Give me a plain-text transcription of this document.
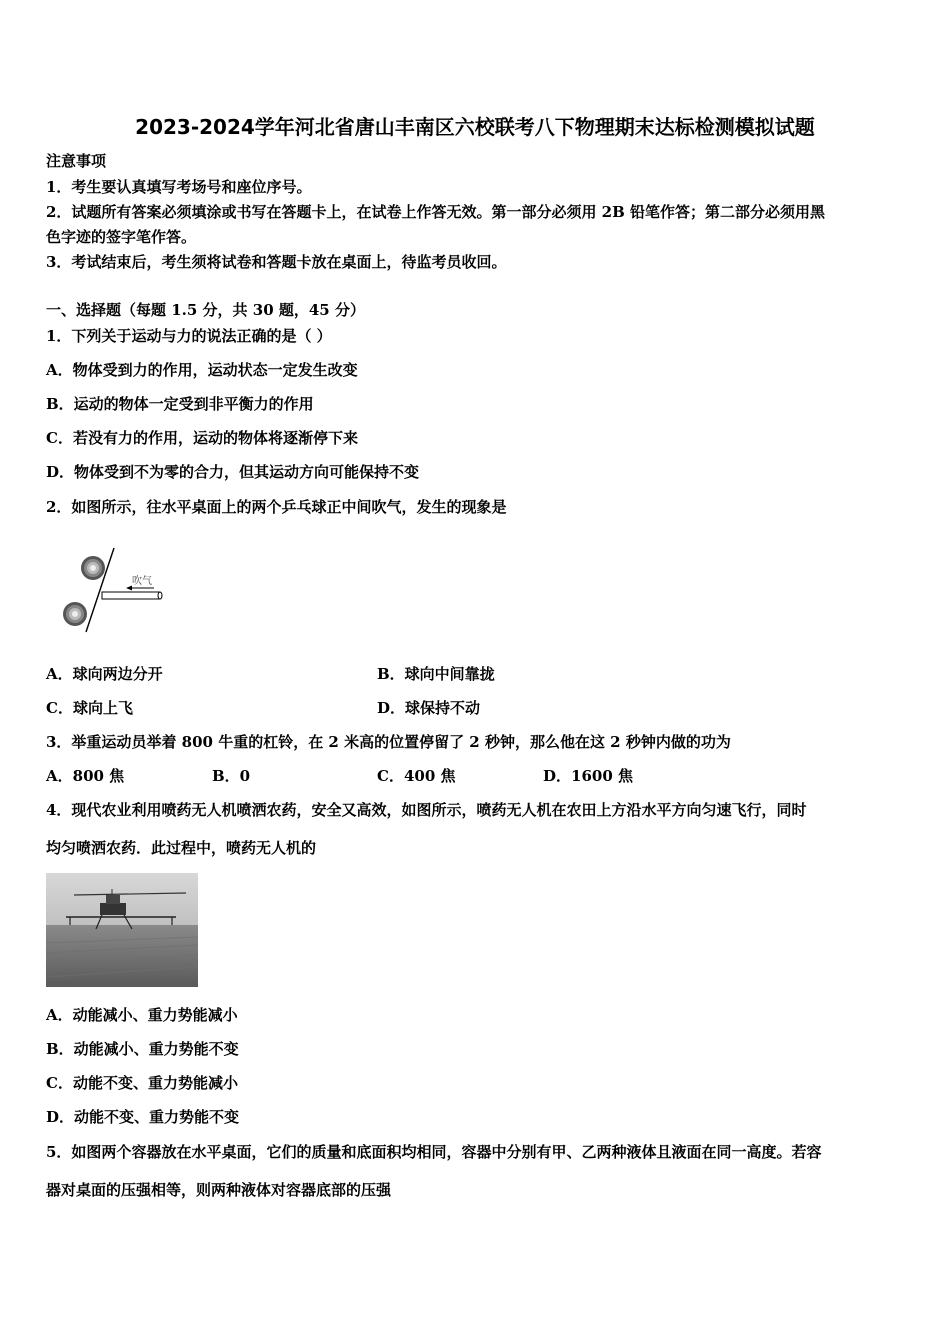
2023-2024学年河北省唐山丰南区六校联考八下物理期末达标检测模拟试题
注意事项
1．考生要认真填写考场号和座位序号。
2．试题所有答案必须填涂或书写在答题卡上，在试卷上作答无效。第一部分必须用 2B 铅笔作答；第二部分必须用黑
色字迹的签字笔作答。
3．考试结束后，考生须将试卷和答题卡放在桌面上，待监考员收回。
一、选择题（每题 1.5 分，共 30 题，45 分）
1．下列关于运动与力的说法正确的是（ ）
A．物体受到力的作用，运动状态一定发生改变
B．运动的物体一定受到非平衡力的作用
C．若没有力的作用，运动的物体将逐渐停下来
D．物体受到不为零的合力，但其运动方向可能保持不变
2．如图所示，往水平桌面上的两个乒乓球正中间吹气，发生的现象是
吹气
A．球向两边分开	B．球向中间靠拢
C．球向上飞	D．球保持不动
3．举重运动员举着 800 牛重的杠铃，在 2 米高的位置停留了 2 秒钟，那么他在这 2 秒钟内做的功为
A．800 焦	B．0	C．400 焦	D．1600 焦
4．现代农业利用喷药无人机喷洒农药，安全又高效，如图所示，喷药无人机在农田上方沿水平方向匀速飞行，同时
均匀喷洒农药．此过程中，喷药无人机的
A．动能减小、重力势能减小
B．动能减小、重力势能不变
C．动能不变、重力势能减小
D．动能不变、重力势能不变
5．如图两个容器放在水平桌面，它们的质量和底面积均相同，容器中分别有甲、乙两种液体且液面在同一高度。若容
器对桌面的压强相等，则两种液体对容器底部的压强
